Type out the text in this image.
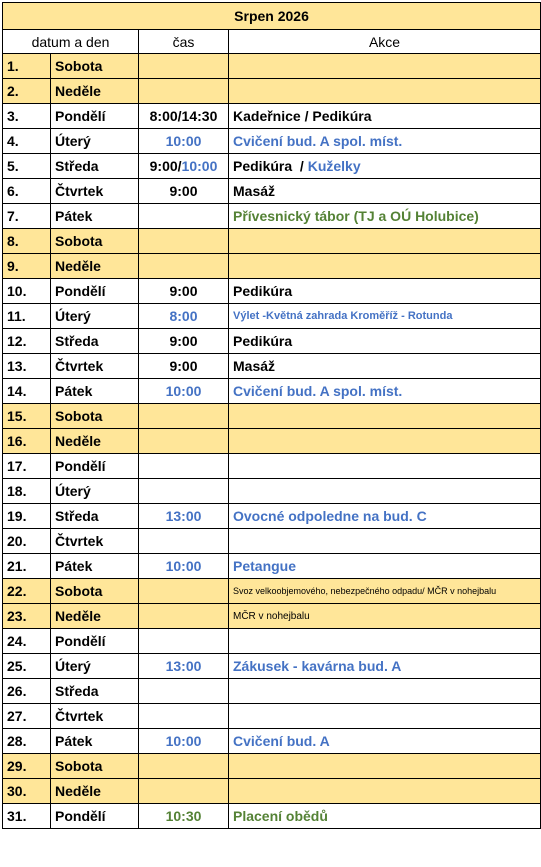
Srpen 2026			
datum a den		čas	Akce
1.	Sobota		
2.	Neděle		
3.	Pondělí	8:00/14:30	Kadeřnice / Pedikúra
4.	Úterý	10:00	Cvičení bud. A spol. míst.
5.	Středa	9:00/10:00	Pedikúra  / Kuželky
6.	Čtvrtek	9:00	Masáž
7.	Pátek		Přívesnický tábor (TJ a OÚ Holubice)
8.	Sobota		
9.	Neděle		
10.	Pondělí	9:00	Pedikúra
11.	Úterý	8:00	Výlet -Květná zahrada Kroměříž - Rotunda
12.	Středa	9:00	Pedikúra
13.	Čtvrtek	9:00	Masáž
14.	Pátek	10:00	Cvičení bud. A spol. míst.
15.	Sobota		
16.	Neděle		
17.	Pondělí		
18.	Úterý		
19.	Středa	13:00	Ovocné odpoledne na bud. C
20.	Čtvrtek		
21.	Pátek	10:00	Petangue
22.	Sobota		Svoz velkoobjemového, nebezpečného odpadu/ MČR v nohejbalu
23.	Neděle		MČR v nohejbalu
24.	Pondělí		
25.	Úterý	13:00	Zákusek - kavárna bud. A
26.	Středa		
27.	Čtvrtek		
28.	Pátek	10:00	Cvičení bud. A
29.	Sobota		
30.	Neděle		
31.	Pondělí	10:30	Placení obědů
